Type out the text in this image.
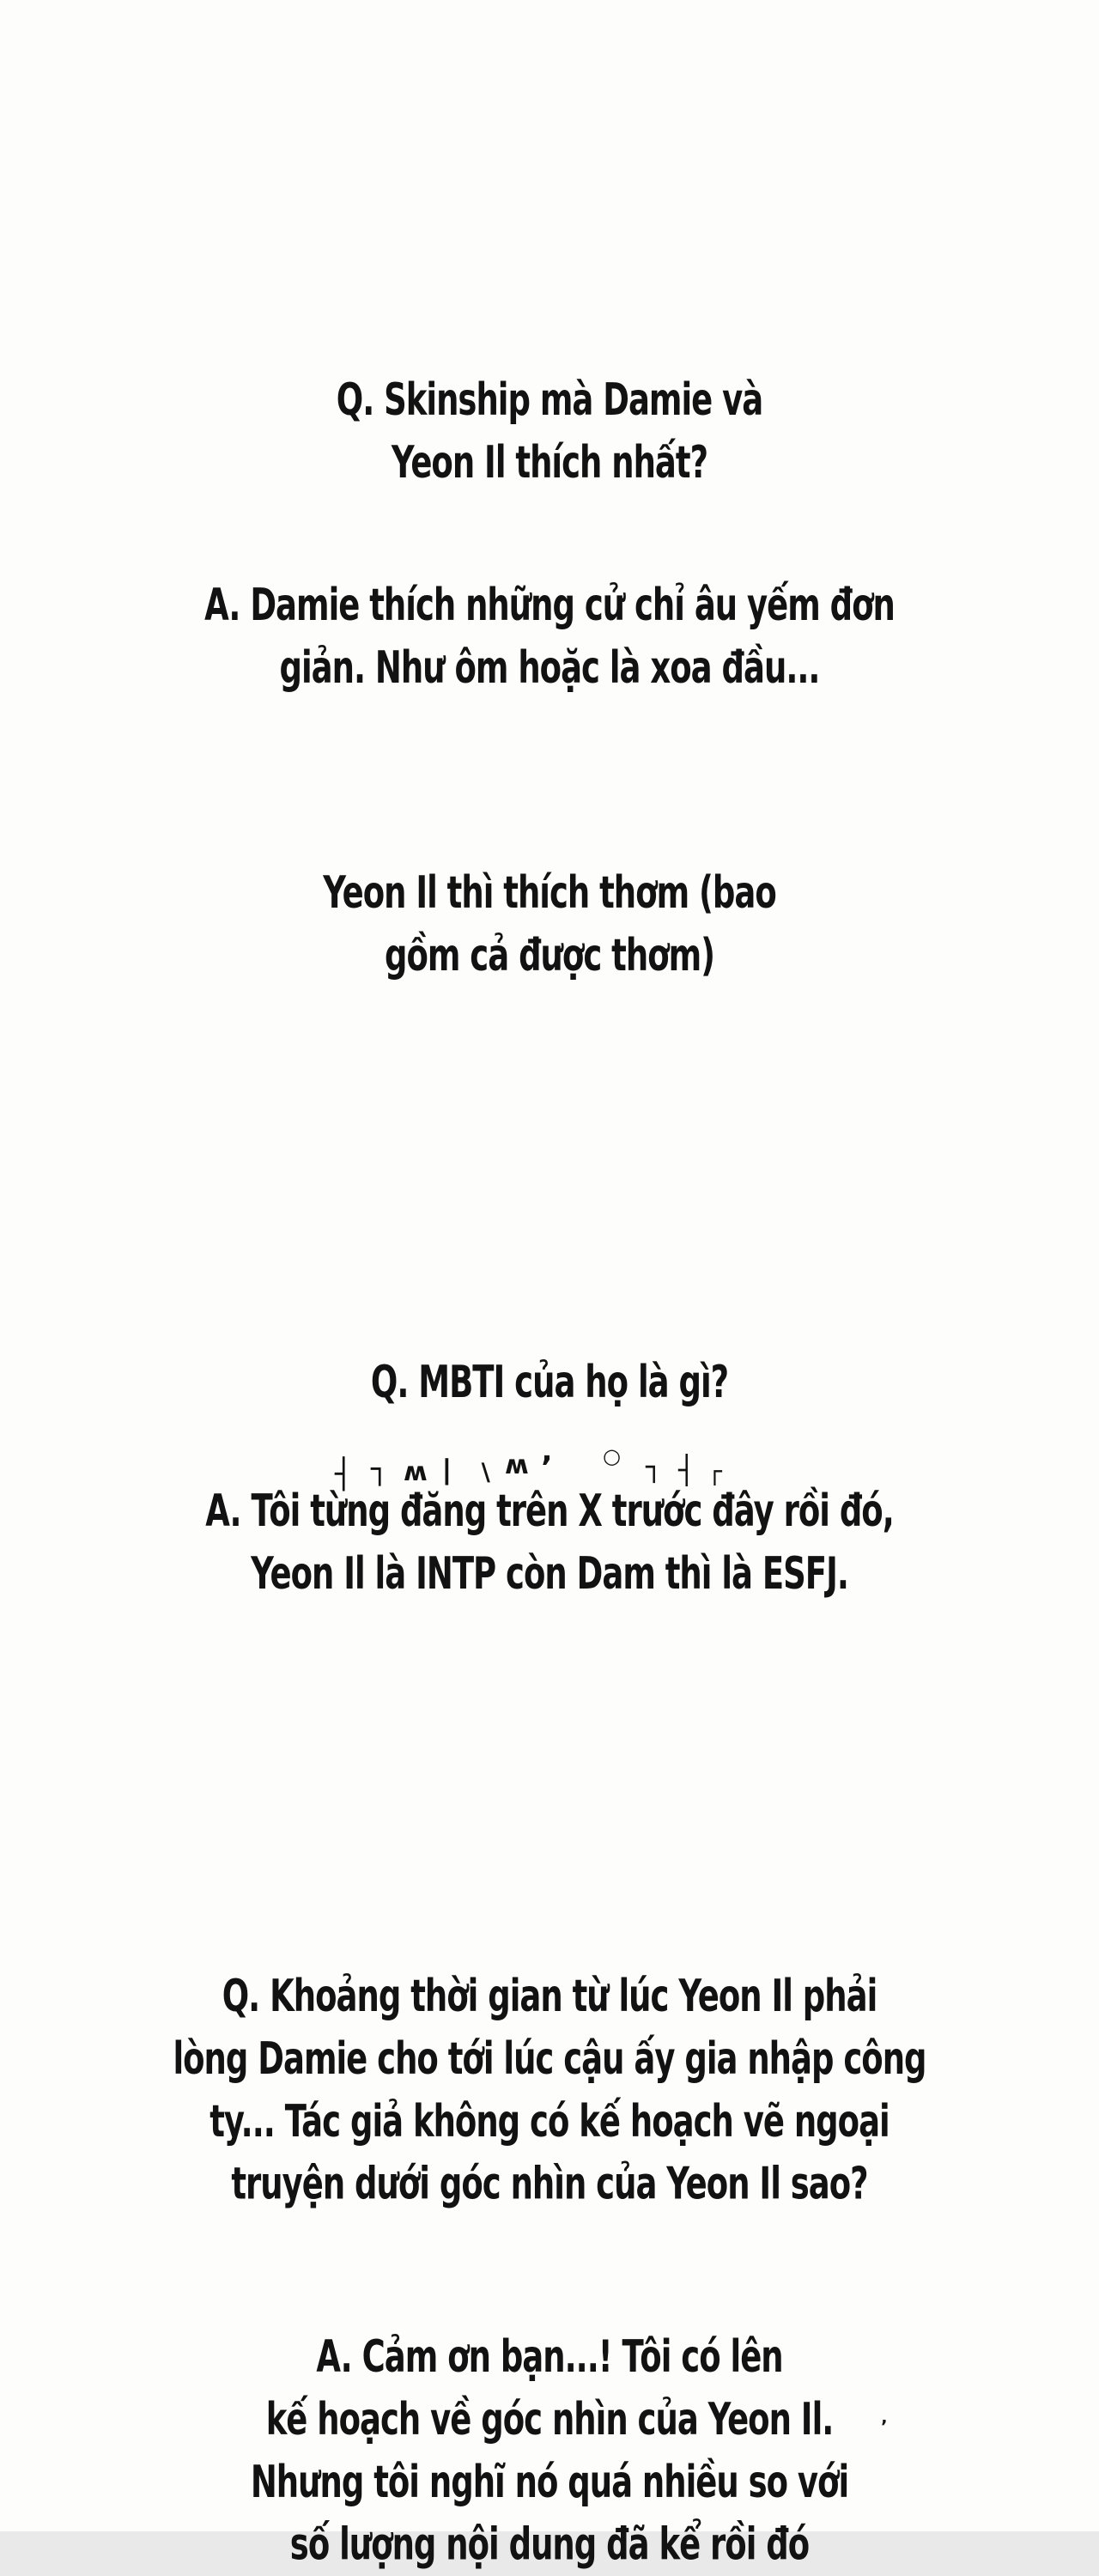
Q. Skinship mà Damie và

Yeon Il thích nhất?

A. Damie thích những cử chỉ âu yếm đơn

giản. Như ôm hoặc là xoa đầu...

Yeon Il thì thích thơm (bao

gồm cả được thơm)

Q. MBTI của họ là gì?

A. Tôi từng đăng trên X trước đây rồi đó,

Yeon Il là INTP còn Dam thì là ESFJ.

Q. Khoảng thời gian từ lúc Yeon Il phải

lòng Damie cho tới lúc cậu ấy gia nhập công

ty... Tác giả không có kế hoạch vẽ ngoại

truyện dưới góc nhìn của Yeon Il sao?

A. Cảm ơn bạn...! Tôi có lên

kế hoạch về góc nhìn của Yeon Il.

Nhưng tôi nghĩ nó quá nhiều so với

số lượng nội dung đã kể rồi đó

┤ ┐ ʍ ∣ ∖ ʍ ’ ○ ┐ ┤ ┌
’
